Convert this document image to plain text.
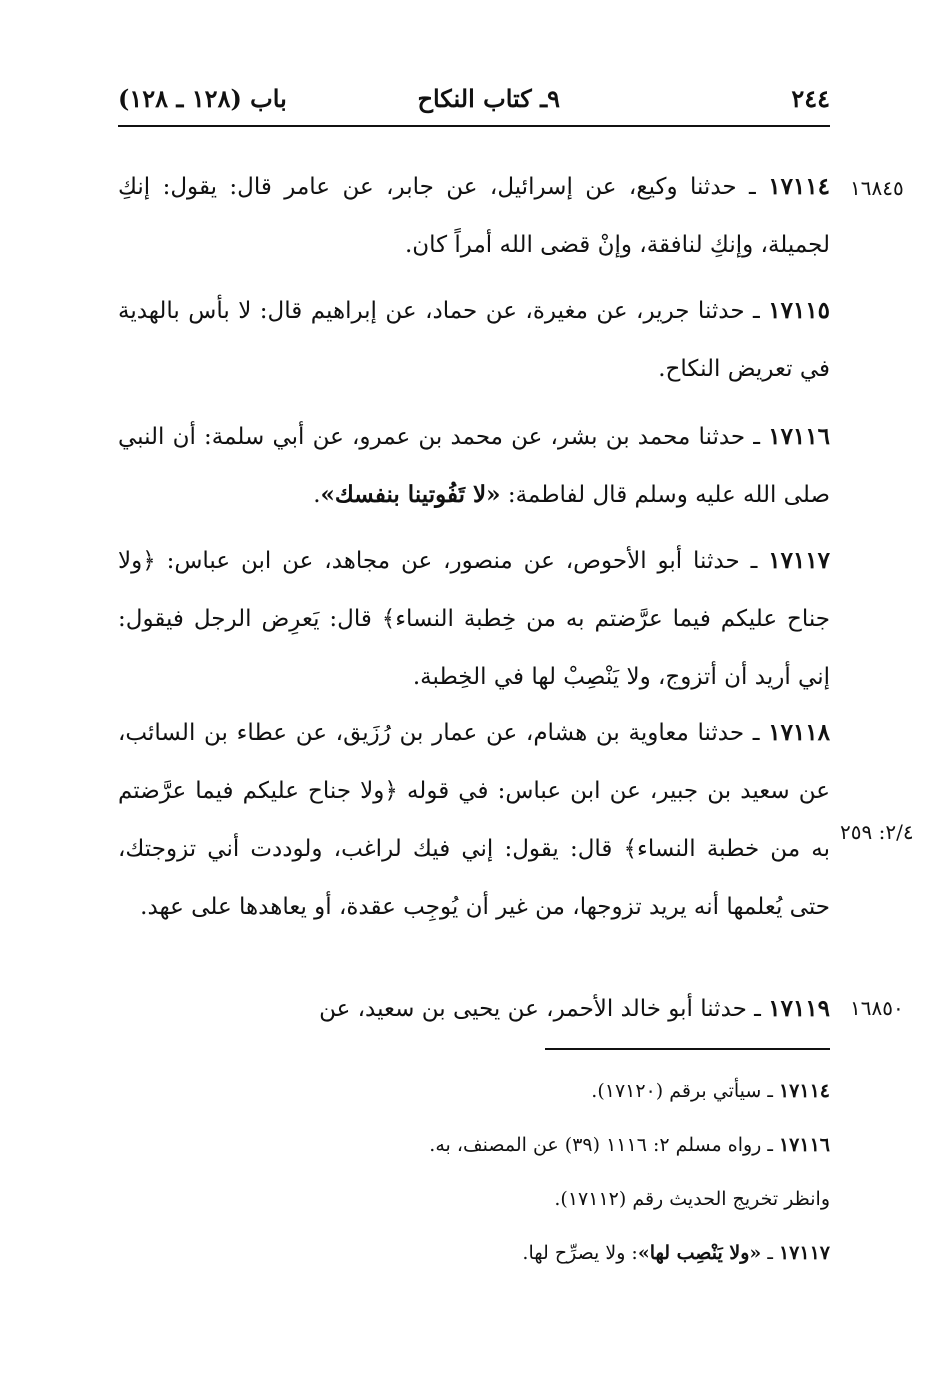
٢٤٤
٩ـ كتاب النكاح
باب (١٢٨ ـ ١٢٨)
١٦٨٤٥
٢/٤: ٢٥٩
١٦٨٥٠
١٧١١٤ ـ حدثنا وكيع، عن إسرائيل، عن جابر، عن عامر قال: يقول: إنكِ لجميلة، وإنكِ لنافقة، وإنْ قضى الله أمراً كان.
١٧١١٥ ـ حدثنا جرير، عن مغيرة، عن حماد، عن إبراهيم قال: لا بأس بالهدية في تعريض النكاح.
١٧١١٦ ـ حدثنا محمد بن بشر، عن محمد بن عمرو، عن أبي سلمة: أن النبي صلى الله عليه وسلم قال لفاطمة: «لا تَفُوتينا بنفسك».
١٧١١٧ ـ حدثنا أبو الأحوص، عن منصور، عن مجاهد، عن ابن عباس: ﴿ولا جناح عليكم فيما عرَّضتم به من خِطبة النساء﴾ قال: يَعرِض الرجل فيقول: إني أريد أن أتزوج، ولا يَنْصِبْ لها في الخِطبة.
١٧١١٨ ـ حدثنا معاوية بن هشام، عن عمار بن رُزَيق، عن عطاء بن السائب، عن سعيد بن جبير، عن ابن عباس: في قوله ﴿ولا جناح عليكم فيما عرَّضتم به من خطبة النساء﴾ قال: يقول: إني فيك لراغب، ولوددت أني تزوجتك، حتى يُعلمها أنه يريد تزوجها، من غير أن يُوجِب عقدة، أو يعاهدها على عهد.
١٧١١٩ ـ حدثنا أبو خالد الأحمر، عن يحيى بن سعيد، عن
١٧١١٤ ـ سيأتي برقم (١٧١٢٠).
١٧١١٦ ـ رواه مسلم ٢: ١١١٦ (٣٩) عن المصنف، به.
وانظر تخريج الحديث رقم (١٧١١٢).
١٧١١٧ ـ «ولا يَنْصِب لها»: ولا يصرِّح لها.
